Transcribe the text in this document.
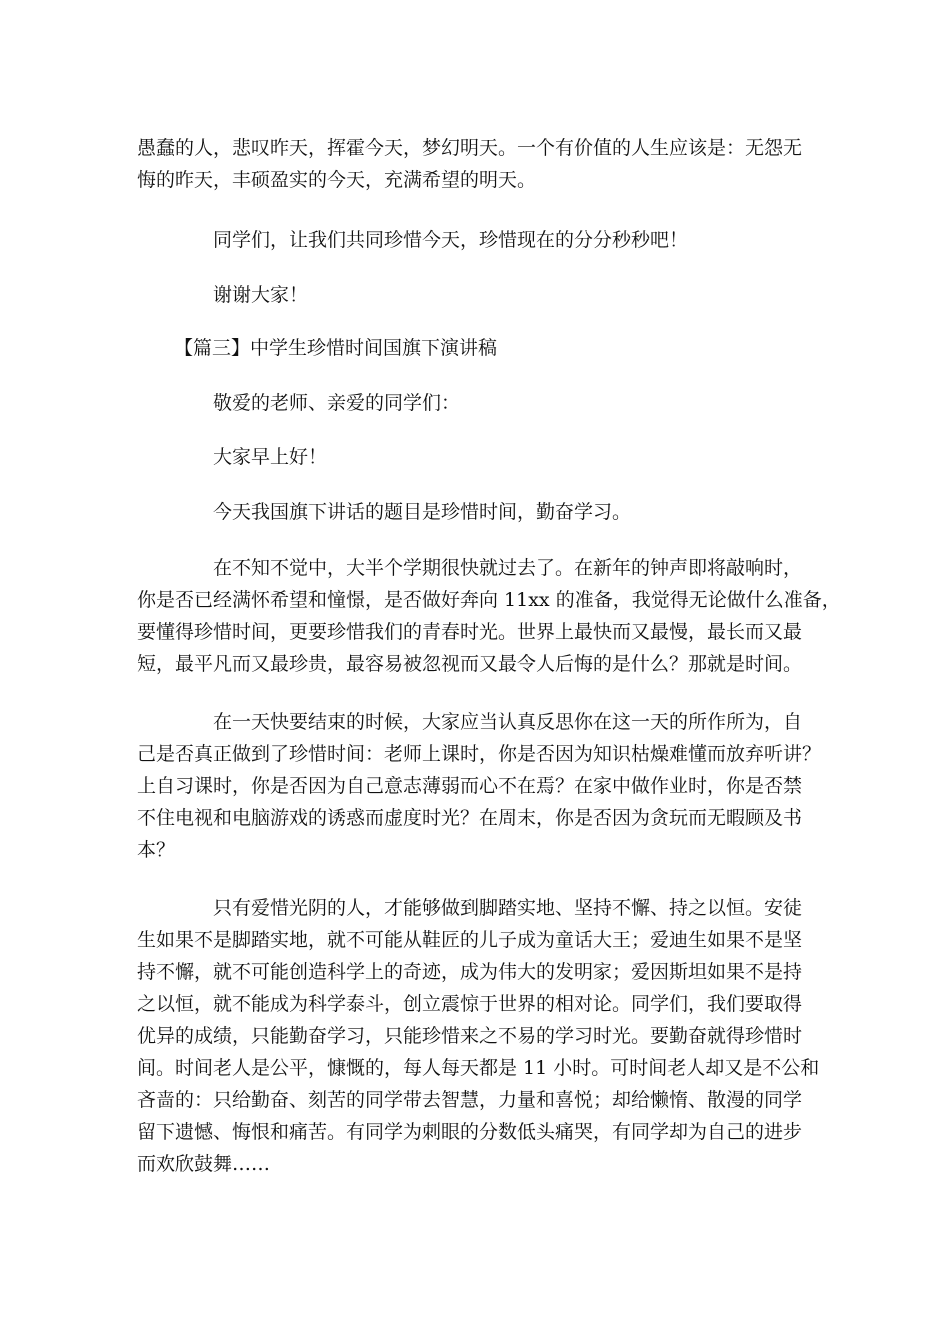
愚蠢的人，悲叹昨天，挥霍今天，梦幻明天。一个有价值的人生应该是：无怨无
悔的昨天，丰硕盈实的今天，充满希望的明天。
同学们，让我们共同珍惜今天，珍惜现在的分分秒秒吧！
谢谢大家！
【篇三】中学生珍惜时间国旗下演讲稿
敬爱的老师、亲爱的同学们：
大家早上好！
今天我国旗下讲话的题目是珍惜时间，勤奋学习。
在不知不觉中，大半个学期很快就过去了。在新年的钟声即将敲响时，
你是否已经满怀希望和憧憬，是否做好奔向 11xx 的准备，我觉得无论做什么准备，
要懂得珍惜时间，更要珍惜我们的青春时光。世界上最快而又最慢，最长而又最
短，最平凡而又最珍贵，最容易被忽视而又最令人后悔的是什么？那就是时间。
在一天快要结束的时候，大家应当认真反思你在这一天的所作所为，自
己是否真正做到了珍惜时间：老师上课时，你是否因为知识枯燥难懂而放弃听讲？
上自习课时，你是否因为自己意志薄弱而心不在焉？在家中做作业时，你是否禁
不住电视和电脑游戏的诱惑而虚度时光？在周末，你是否因为贪玩而无暇顾及书
本？
只有爱惜光阴的人，才能够做到脚踏实地、坚持不懈、持之以恒。安徒
生如果不是脚踏实地，就不可能从鞋匠的儿子成为童话大王；爱迪生如果不是坚
持不懈，就不可能创造科学上的奇迹，成为伟大的发明家；爱因斯坦如果不是持
之以恒，就不能成为科学泰斗，创立震惊于世界的相对论。同学们，我们要取得
优异的成绩，只能勤奋学习，只能珍惜来之不易的学习时光。要勤奋就得珍惜时
间。时间老人是公平，慷慨的，每人每天都是 11 小时。可时间老人却又是不公和
吝啬的：只给勤奋、刻苦的同学带去智慧，力量和喜悦；却给懒惰、散漫的同学
留下遗憾、悔恨和痛苦。有同学为刺眼的分数低头痛哭，有同学却为自己的进步
而欢欣鼓舞……
